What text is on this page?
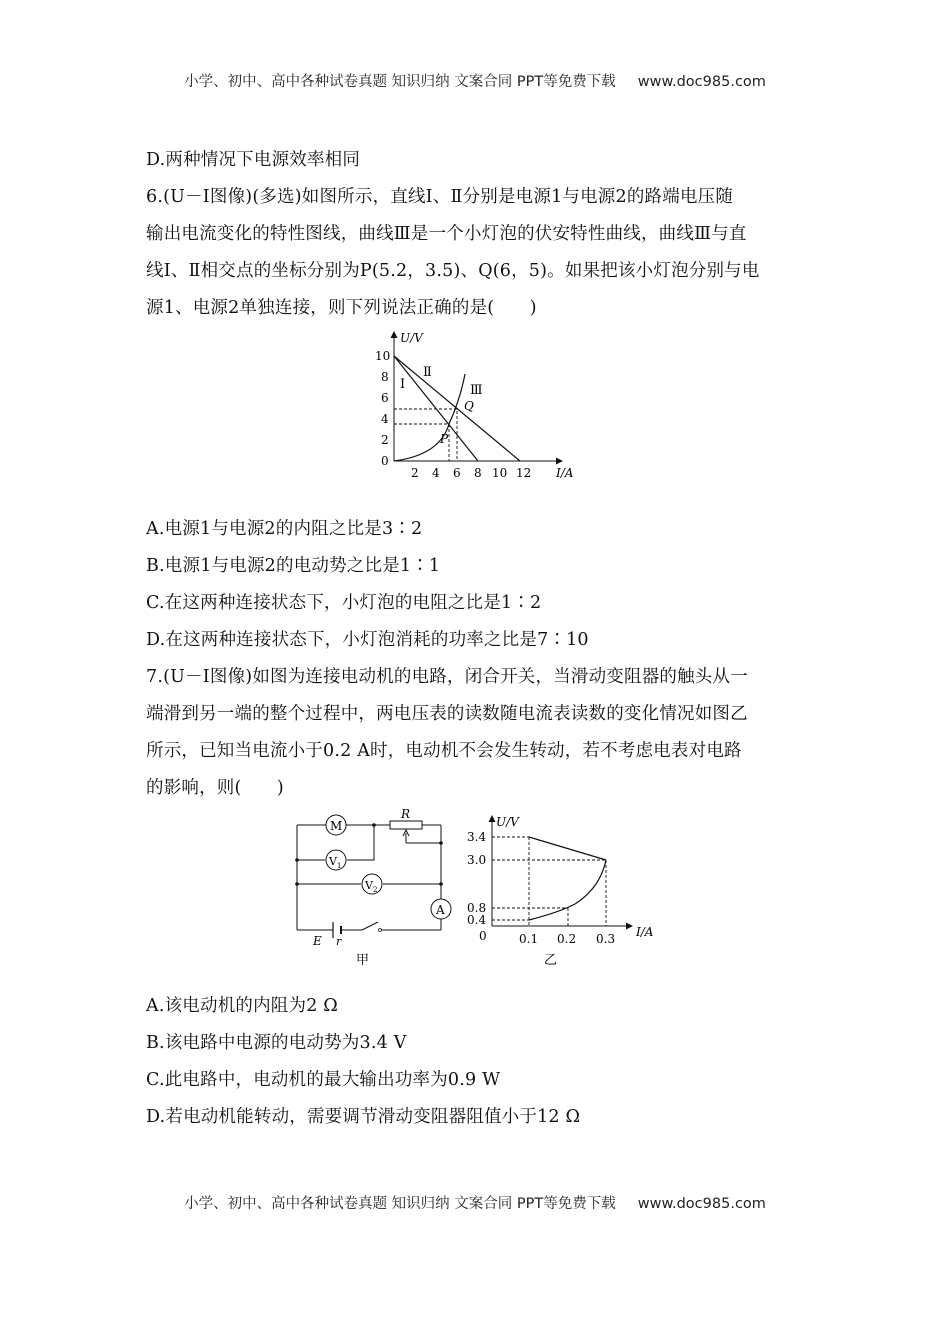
小学、初中、高中各种试卷真题 知识归纳 文案合同 PPT等免费下载 www.doc985.com
D.两种情况下电源效率相同
6.(U－I图像)(多选)如图所示，直线Ⅰ、Ⅱ分别是电源1与电源2的路端电压随
输出电流变化的特性图线，曲线Ⅲ是一个小灯泡的伏安特性曲线，曲线Ⅲ与直
线Ⅰ、Ⅱ相交点的坐标分别为P(5.2，3.5)、Q(6，5)。如果把该小灯泡分别与电
源1、电源2单独连接，则下列说法正确的是(　　)
U/V
I/A
10
8
6
4
2
0
2 4 6 8 10 12
Ⅰ
Ⅱ
Ⅲ
P
Q
A.电源1与电源2的内阻之比是3∶2
B.电源1与电源2的电动势之比是1∶1
C.在这两种连接状态下，小灯泡的电阻之比是1∶2
D.在这两种连接状态下，小灯泡消耗的功率之比是7∶10
7.(U－I图像)如图为连接电动机的电路，闭合开关，当滑动变阻器的触头从一
端滑到另一端的整个过程中，两电压表的读数随电流表读数的变化情况如图乙
所示，已知当电流小于0.2 A时，电动机不会发生转动，若不考虑电表对电路
的影响，则(　　)
R
M
$V_1$
$V_2$
A
E r
甲
U/V
I/A
3.4
3.0
0.8
0.4
0	0.1 0.2 0.3
乙
A.该电动机的内阻为2 Ω
B.该电路中电源的电动势为3.4 V
C.此电路中，电动机的最大输出功率为0.9 W
D.若电动机能转动，需要调节滑动变阻器阻值小于12 Ω
小学、初中、高中各种试卷真题 知识归纳 文案合同 PPT等免费下载 www.doc985.com
